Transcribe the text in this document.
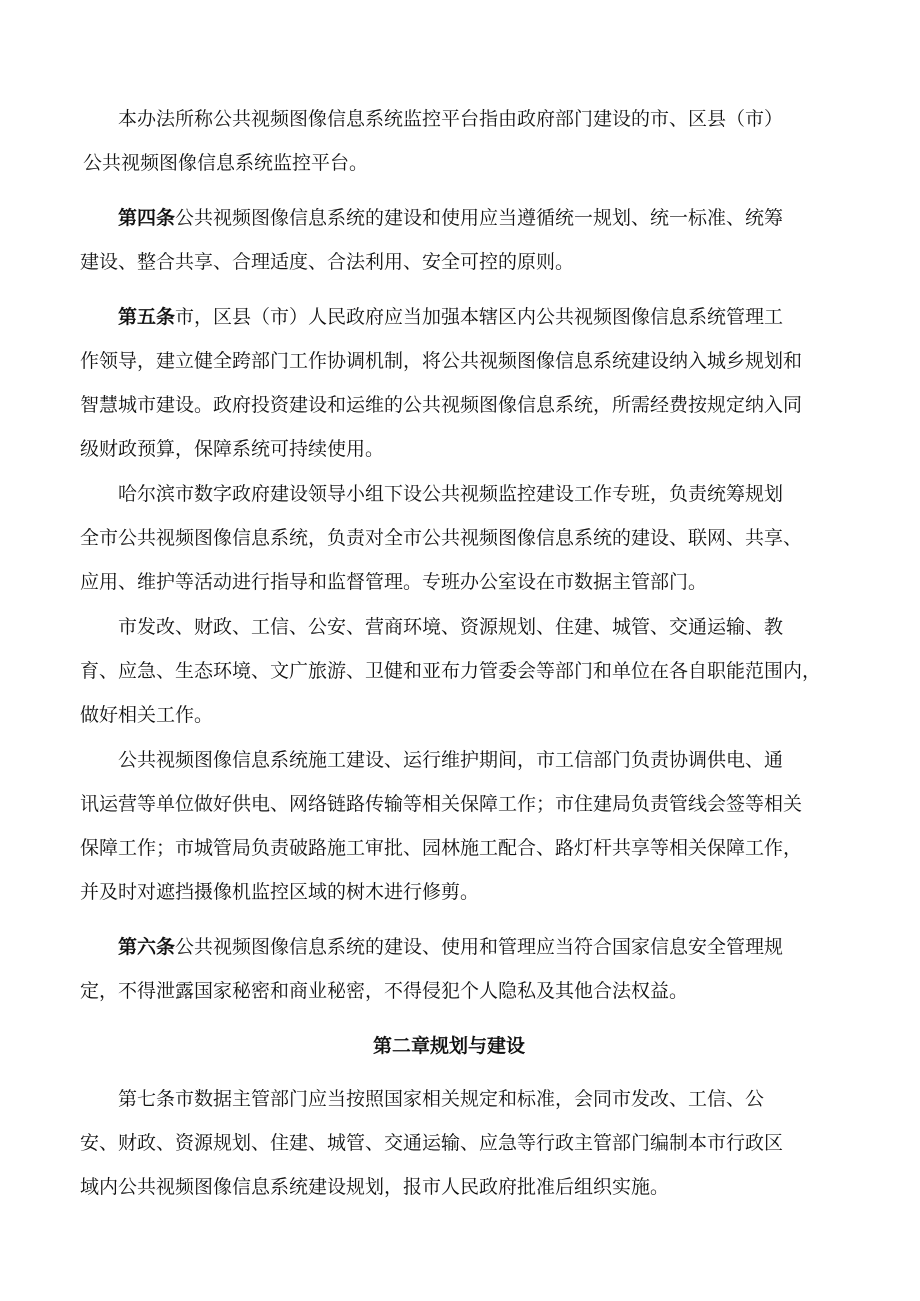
本办法所称公共视频图像信息系统监控平台指由政府部门建设的市、区县（市）
公共视频图像信息系统监控平台。
第四条公共视频图像信息系统的建设和使用应当遵循统一规划、统一标准、统筹
建设、整合共享、合理适度、合法利用、安全可控的原则。
第五条市，区县（市）人民政府应当加强本辖区内公共视频图像信息系统管理工
作领导，建立健全跨部门工作协调机制，将公共视频图像信息系统建设纳入城乡规划和
智慧城市建设。政府投资建设和运维的公共视频图像信息系统，所需经费按规定纳入同
级财政预算，保障系统可持续使用。
哈尔滨市数字政府建设领导小组下设公共视频监控建设工作专班，负责统筹规划
全市公共视频图像信息系统，负责对全市公共视频图像信息系统的建设、联网、共享、
应用、维护等活动进行指导和监督管理。专班办公室设在市数据主管部门。
市发改、财政、工信、公安、营商环境、资源规划、住建、城管、交通运输、教
育、应急、生态环境、文广旅游、卫健和亚布力管委会等部门和单位在各自职能范围内，
做好相关工作。
公共视频图像信息系统施工建设、运行维护期间，市工信部门负责协调供电、通
讯运营等单位做好供电、网络链路传输等相关保障工作；市住建局负责管线会签等相关
保障工作；市城管局负责破路施工审批、园林施工配合、路灯杆共享等相关保障工作，
并及时对遮挡摄像机监控区域的树木进行修剪。
第六条公共视频图像信息系统的建设、使用和管理应当符合国家信息安全管理规
定，不得泄露国家秘密和商业秘密，不得侵犯个人隐私及其他合法权益。
第二章规划与建设
第七条市数据主管部门应当按照国家相关规定和标准，会同市发改、工信、公
安、财政、资源规划、住建、城管、交通运输、应急等行政主管部门编制本市行政区
域内公共视频图像信息系统建设规划，报市人民政府批准后组织实施。
